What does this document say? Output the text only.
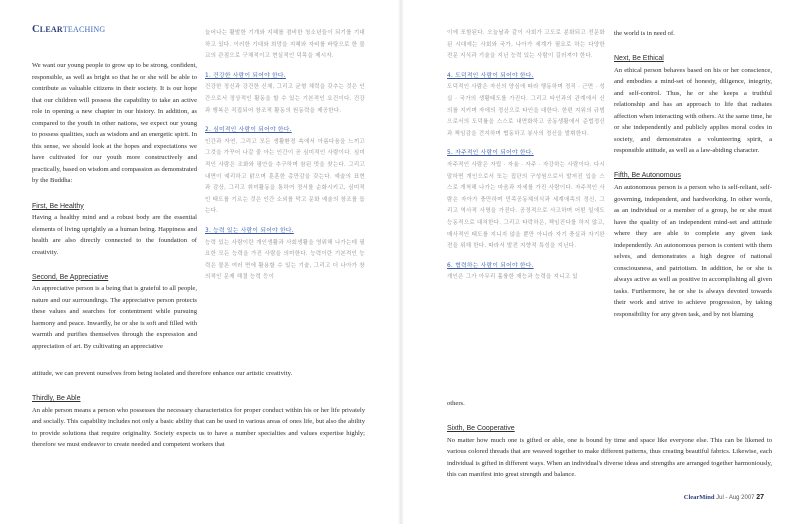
CLEARTEACHING

We want our young people to grow up to be strong, confident, responsible, as well as bright so that he or she will be able to contribute as valuable citizens in their society. It is our hope that our children will possess the capability to take an active role in opening a new chapter in our history. In addition, as compared to the youth in other nations, we expect our young to possess qualities, such as wisdom and an energetic spirit. In this sense, we should look at the hopes and expectations we have cultivated for our youth more constructively and practically, based on wisdom and compassion as demonstrated by the Buddha:

First, Be Healthy

Having a healthy mind and a robust body are the essential elements of living uprightly as a human being. Happiness and health are also directly connected to the foundation of creativity.

Second, Be Appreciative

An appreciative person is a being that is grateful to all people, nature and our surroundings. The appreciative person protects these values and searches for contentment while pursuing harmony and peace. Inwardly, he or she is soft and filled with warmth and purifies themselves through the expression and appreciation of art. By cultivating an appreciative

늘어나는 활발한 기개와 지혜를 겸비한 청소년들이 되기를 기대하고 있다. 이러한 기대와 희망을 지혜와 자비를 바탕으로 한 불교의 관점으로 구체적이고 현실적인 덕목을 제시자.

1. 건강한 사람이 되어야 한다.

건강한 정신과 강건한 신체, 그리고 균형 체력을 갖추는 것은 인간으로서 정상적인 활동을 할 수 있는 기본적인 요건이다. 건강과 행복은 직접되어 창조적 활동의 원동력을 제공한다.

2. 심미적인 사람이 되어야 한다.

인간과 자연, 그리고 모든 생활환경 속에서 아름다움을 느끼고 그것을 가꾸어 나갈 줄 아는 인간이 곧 심미적인 사람이다. 심미적인 사람은 조화와 평안을 추구하며 참된 멋을 찾는다. 그리고 내면이 예리하고 맑으며 훈훈한 총만감을 갖는다. 예술의 표현과 감상, 그리고 취미활동을 통하여 정서를 순화시키고, 심미적인 태도를 기르는 것은 인간 소외를 막고 문화 예술의 창조를 돕는다.

3. 능력 있는 사람이 되어야 한다.

능력 있는 사람이란 개인생활과 사회생활을 영위해 나가는데 필요한 모든 능력을 가진 사람을 의미한다. 능력이란 기본적인 능력은 물론 여러 면에 활용할 수 있는 기술, 그리고 더 나아가 창의적인 문제 해결 능력 등이

attitude, we can prevent ourselves from being isolated and therefore enhance our artistic creativity.

Thirdly, Be Able

An able person means a person who possesses the necessary characteristics for proper conduct within his or her life privately and socially. This capability includes not only a basic ability that can be used in various areas of ones life, but also the ability to provide solutions that require originality. Society expects us to have a number specialties and values expertise highly; therefore we must endeavor to create needed and competent workers that

이에 포함된다. 오늘날과 같이 사회가 고도로 분화되고 전문화된 시대에는 사회와 국가, 나아가 세계가 필요로 하는 다양한 전문 지식과 기술을 지닌 능력 있는 사람이 길러져야 한다.

4. 도덕적인 사람이 되어야 한다.

도덕적인 사람은 자신의 양심에 따라 행동하며 정직 · 근면 · 성실 · 국가의 생활태도를 가진다. 그리고 타인과의 관계에서 신의를 지키며 자애의 정신으로 타인을 대한다. 한편 지위의 규범으로서의 도덕률을 스스로 내면화하고 공동생활에서 준법정신과 책임감을 견지하며 협동하고 봉사의 정신을 발휘한다.

5. 자주적인 사람이 되어야 한다.

자주적인 사람은 자립 · 자율 · 자주 · 자강하는 사람이다. 다시 말하면 개인으로서 또는 집단의 구성원으로서 발저진 입을 스스로 개척해 나가는 마음과 자세를 가진 사람이다. 자주적인 사람은 자아가 충만하며 민족공동체의식과 세계애족의 정신, 그리고 역사적 사명을 가진다. 공정적으로 사고하며 어떤 일에도 능동적으로 대처한다. 그리고 타락하은, 책임진다를 하지 않고, 매사적인 태도를 지니지 않을 뿐만 아니라 자기 충실과 자기완전을 위해 한다. 따라서 발전 지향적 특성을 지닌다.

6. 협력하는 사람이 되어야 한다.

개인은 그가 아무리 훌륭한 재능과 능력을 지니고 있

the world is in need of.

Next, Be Ethical

An ethical person behaves based on his or her conscience, and embodies a mind-set of honesty, diligence, integrity, and self-control. Thus, he or she keeps a truthful relationship and has an approach to life that radiates affection when interacting with others. At the same time, he or she independently and publicly applies moral codes in society, and demonstrates a volunteering spirit, a responsible attitude, as well as a law-abiding character.

Fifth, Be Autonomous

An autonomous person is a person who is self-reliant, self-governing, independent, and hardworking. In other words, as an individual or a member of a group, he or she must have the quality of an independent mind-set and attitude where they are able to complete any given task independently. An autonomous person is content with them selves, and demonstrates a high degree of national consciousness, and patriotism. In addition, he or she is always active as well as positive in accomplishing all given tasks. Furthermore, he or she is always devoted towards their work and strive to achieve progression, by taking responsibility for any given task, and by not blaming

others.

Sixth, Be Cooperative

No matter how much one is gifted or able, one is bound by time and space like everyone else. This can be likened to various colored threads that are weaved together to make different patterns, thus creating beautiful fabrics. Likewise, each individual is gifted in different ways. When an individual's diverse ideas and strengths are arranged together harmoniously, this can manifest into great strength and balance.

ClearMind Jul - Aug 2007 27
